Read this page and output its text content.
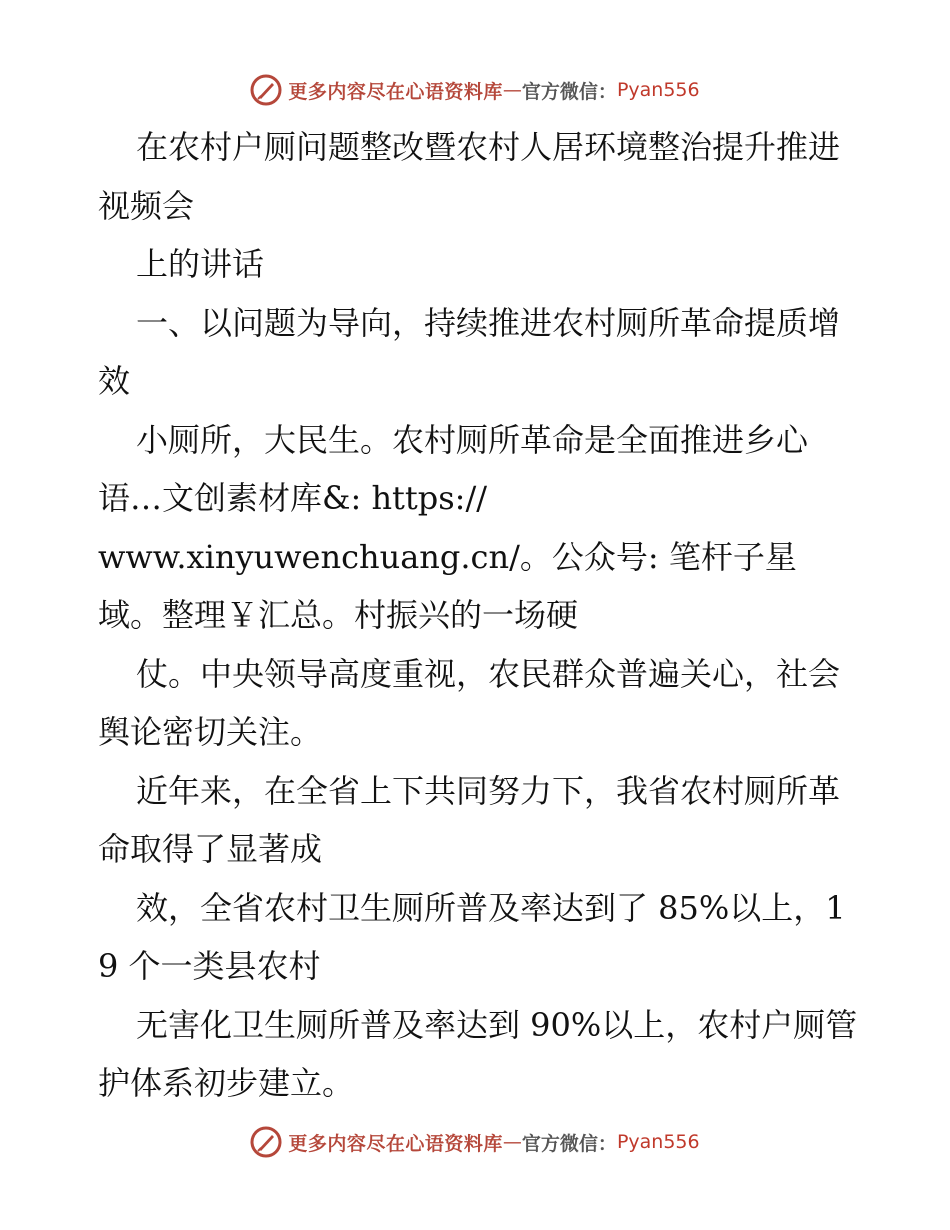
更多内容尽在心语资料库 — 官方微信： Pyan556

在农村户厕问题整改暨农村人居环境整治提升推进视频会

上的讲话

一、以问题为导向，持续推进农村厕所革命提质增效

小厕所，大民生。农村厕所革命是全面推进乡心语…文创素材库&: https://
www.xinyuwenchuang.cn/。公众号: 笔杆子星域。整理￥汇总。村振兴的一场硬

仗。中央领导高度重视，农民群众普遍关心，社会舆论密切关注。

近年来，在全省上下共同努力下，我省农村厕所革命取得了显著成

效，全省农村卫生厕所普及率达到了 85%以上，19 个一类县农村

无害化卫生厕所普及率达到 90%以上，农村户厕管护体系初步建立。

更多内容尽在心语资料库 — 官方微信： Pyan556
